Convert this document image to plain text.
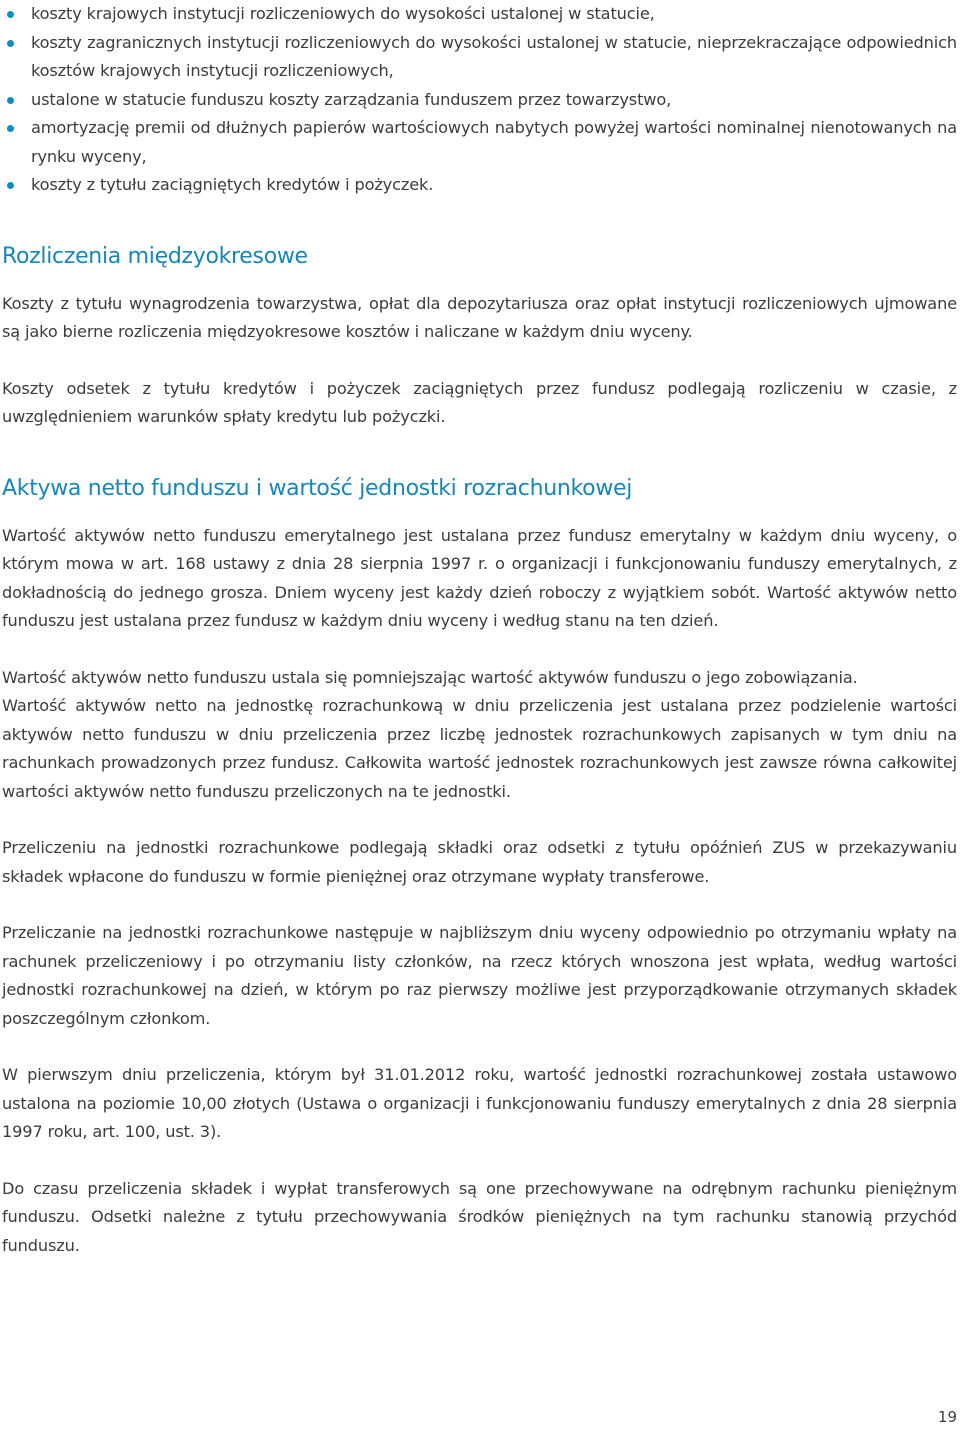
koszty krajowych instytucji rozliczeniowych do wysokości ustalonej w statucie,
koszty zagranicznych instytucji rozliczeniowych do wysokości ustalonej w statucie, nieprzekraczające odpowiednich kosztów krajowych instytucji rozliczeniowych,
ustalone w statucie funduszu koszty zarządzania funduszem przez towarzystwo,
amortyzację premii od dłużnych papierów wartościowych nabytych powyżej wartości nominalnej nienotowanych na rynku wyceny,
koszty z tytułu zaciągniętych kredytów i pożyczek.
Rozliczenia międzyokresowe

Koszty z tytułu wynagrodzenia towarzystwa, opłat dla depozytariusza oraz opłat instytucji rozliczeniowych ujmowane są jako bierne rozliczenia międzyokresowe kosztów i naliczane w każdym dniu wyceny.

Koszty odsetek z tytułu kredytów i pożyczek zaciągniętych przez fundusz podlegają rozliczeniu w czasie, z uwzględnieniem warunków spłaty kredytu lub pożyczki.

Aktywa netto funduszu i wartość jednostki rozrachunkowej

Wartość aktywów netto funduszu emerytalnego jest ustalana przez fundusz emerytalny w każdym dniu wyceny, o którym mowa w art. 168 ustawy z dnia 28 sierpnia 1997 r. o organizacji i funkcjonowaniu funduszy emerytalnych, z dokładnością do jednego grosza. Dniem wyceny jest każdy dzień roboczy z wyjątkiem sobót. Wartość aktywów netto funduszu jest ustalana przez fundusz w każdym dniu wyceny i według stanu na ten dzień.

Wartość aktywów netto funduszu ustala się pomniejszając wartość aktywów funduszu o jego zobowiązania.

Wartość aktywów netto na jednostkę rozrachunkową w dniu przeliczenia jest ustalana przez podzielenie wartości aktywów netto funduszu w dniu przeliczenia przez liczbę jednostek rozrachunkowych zapisanych w tym dniu na rachunkach prowadzonych przez fundusz. Całkowita wartość jednostek rozrachunkowych jest zawsze równa całkowitej wartości aktywów netto funduszu przeliczonych na te jednostki.

Przeliczeniu na jednostki rozrachunkowe podlegają składki oraz odsetki z tytułu opóźnień ZUS w przekazywaniu składek wpłacone do funduszu w formie pieniężnej oraz otrzymane wypłaty transferowe.

Przeliczanie na jednostki rozrachunkowe następuje w najbliższym dniu wyceny odpowiednio po otrzymaniu wpłaty na rachunek przeliczeniowy i po otrzymaniu listy członków, na rzecz których wnoszona jest wpłata, według wartości jednostki rozrachunkowej na dzień, w którym po raz pierwszy możliwe jest przyporządkowanie otrzymanych składek poszczególnym członkom.

W pierwszym dniu przeliczenia, którym był 31.01.2012 roku, wartość jednostki rozrachunkowej została ustawowo ustalona na poziomie 10,00 złotych (Ustawa o organizacji i funkcjonowaniu funduszy emerytalnych z dnia 28 sierpnia 1997 roku, art. 100, ust. 3).

Do czasu przeliczenia składek i wypłat transferowych są one przechowywane na odrębnym rachunku pieniężnym funduszu. Odsetki należne z tytułu przechowywania środków pieniężnych na tym rachunku stanowią przychód funduszu.

19
